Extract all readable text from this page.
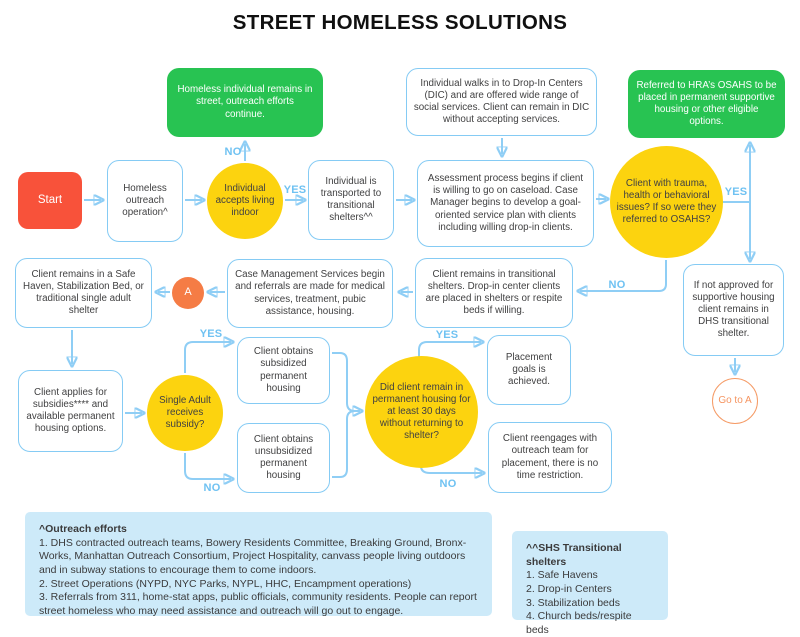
STREET HOMELESS SOLUTIONS
Homeless individual remains in street, outreach efforts continue.
Individual walks in to Drop-In Centers (DIC) and are offered wide range of social services. Client can remain in DIC without accepting services.
Referred to HRA’s OSAHS to be placed in permanent supportive housing or other eligible options.
Start
Homeless outreach operation^
Individual accepts living indoor
Individual is transported to transitional shelters^^
Assessment process begins if client is willing to go on caseload. Case Manager begins to develop a goal-oriented service plan with clients including willing drop-in clients.
Client with trauma, health or behavioral issues? If so were they referred to OSAHS?
Client remains in a Safe Haven, Stabilization Bed, or traditional single adult shelter
A
Case Management Services begin and referrals are made for medical services, treatment, pubic assistance, housing.
Client remains in transitional shelters. Drop-in center clients are placed in shelters or respite beds if willing.
If not approved for supportive housing client remains in DHS transitional shelter.
Go to A
Client applies for subsidies**** and available permanent housing options.
Single Adult receives subsidy?
Client obtains subsidized permanent housing
Client obtains unsubsidized permanent housing
Did client remain in permanent housing for at least 30 days without returning to shelter?
Placement goals is achieved.
Client reengages with outreach team for placement, there is no time restriction.
NO
YES	YES
NO
YES
NO
YES
NO
^Outreach efforts
1. DHS contracted outreach teams, Bowery Residents Committee, Breaking Ground, Bronx-Works, Manhattan Outreach Consortium, Project Hospitality, canvass people living outdoors and in subway stations to encourage them to come indoors.
2. Street Operations (NYPD, NYC Parks, NYPL, HHC, Encampment operations)
3. Referrals from 311, home-stat apps, public officials, community residents. People can report street homeless who may need assistance and outreach will go out to engage.
^^SHS Transitional shelters
1. Safe Havens
2. Drop-in Centers
3. Stabilization beds
4. Church beds/respite beds
